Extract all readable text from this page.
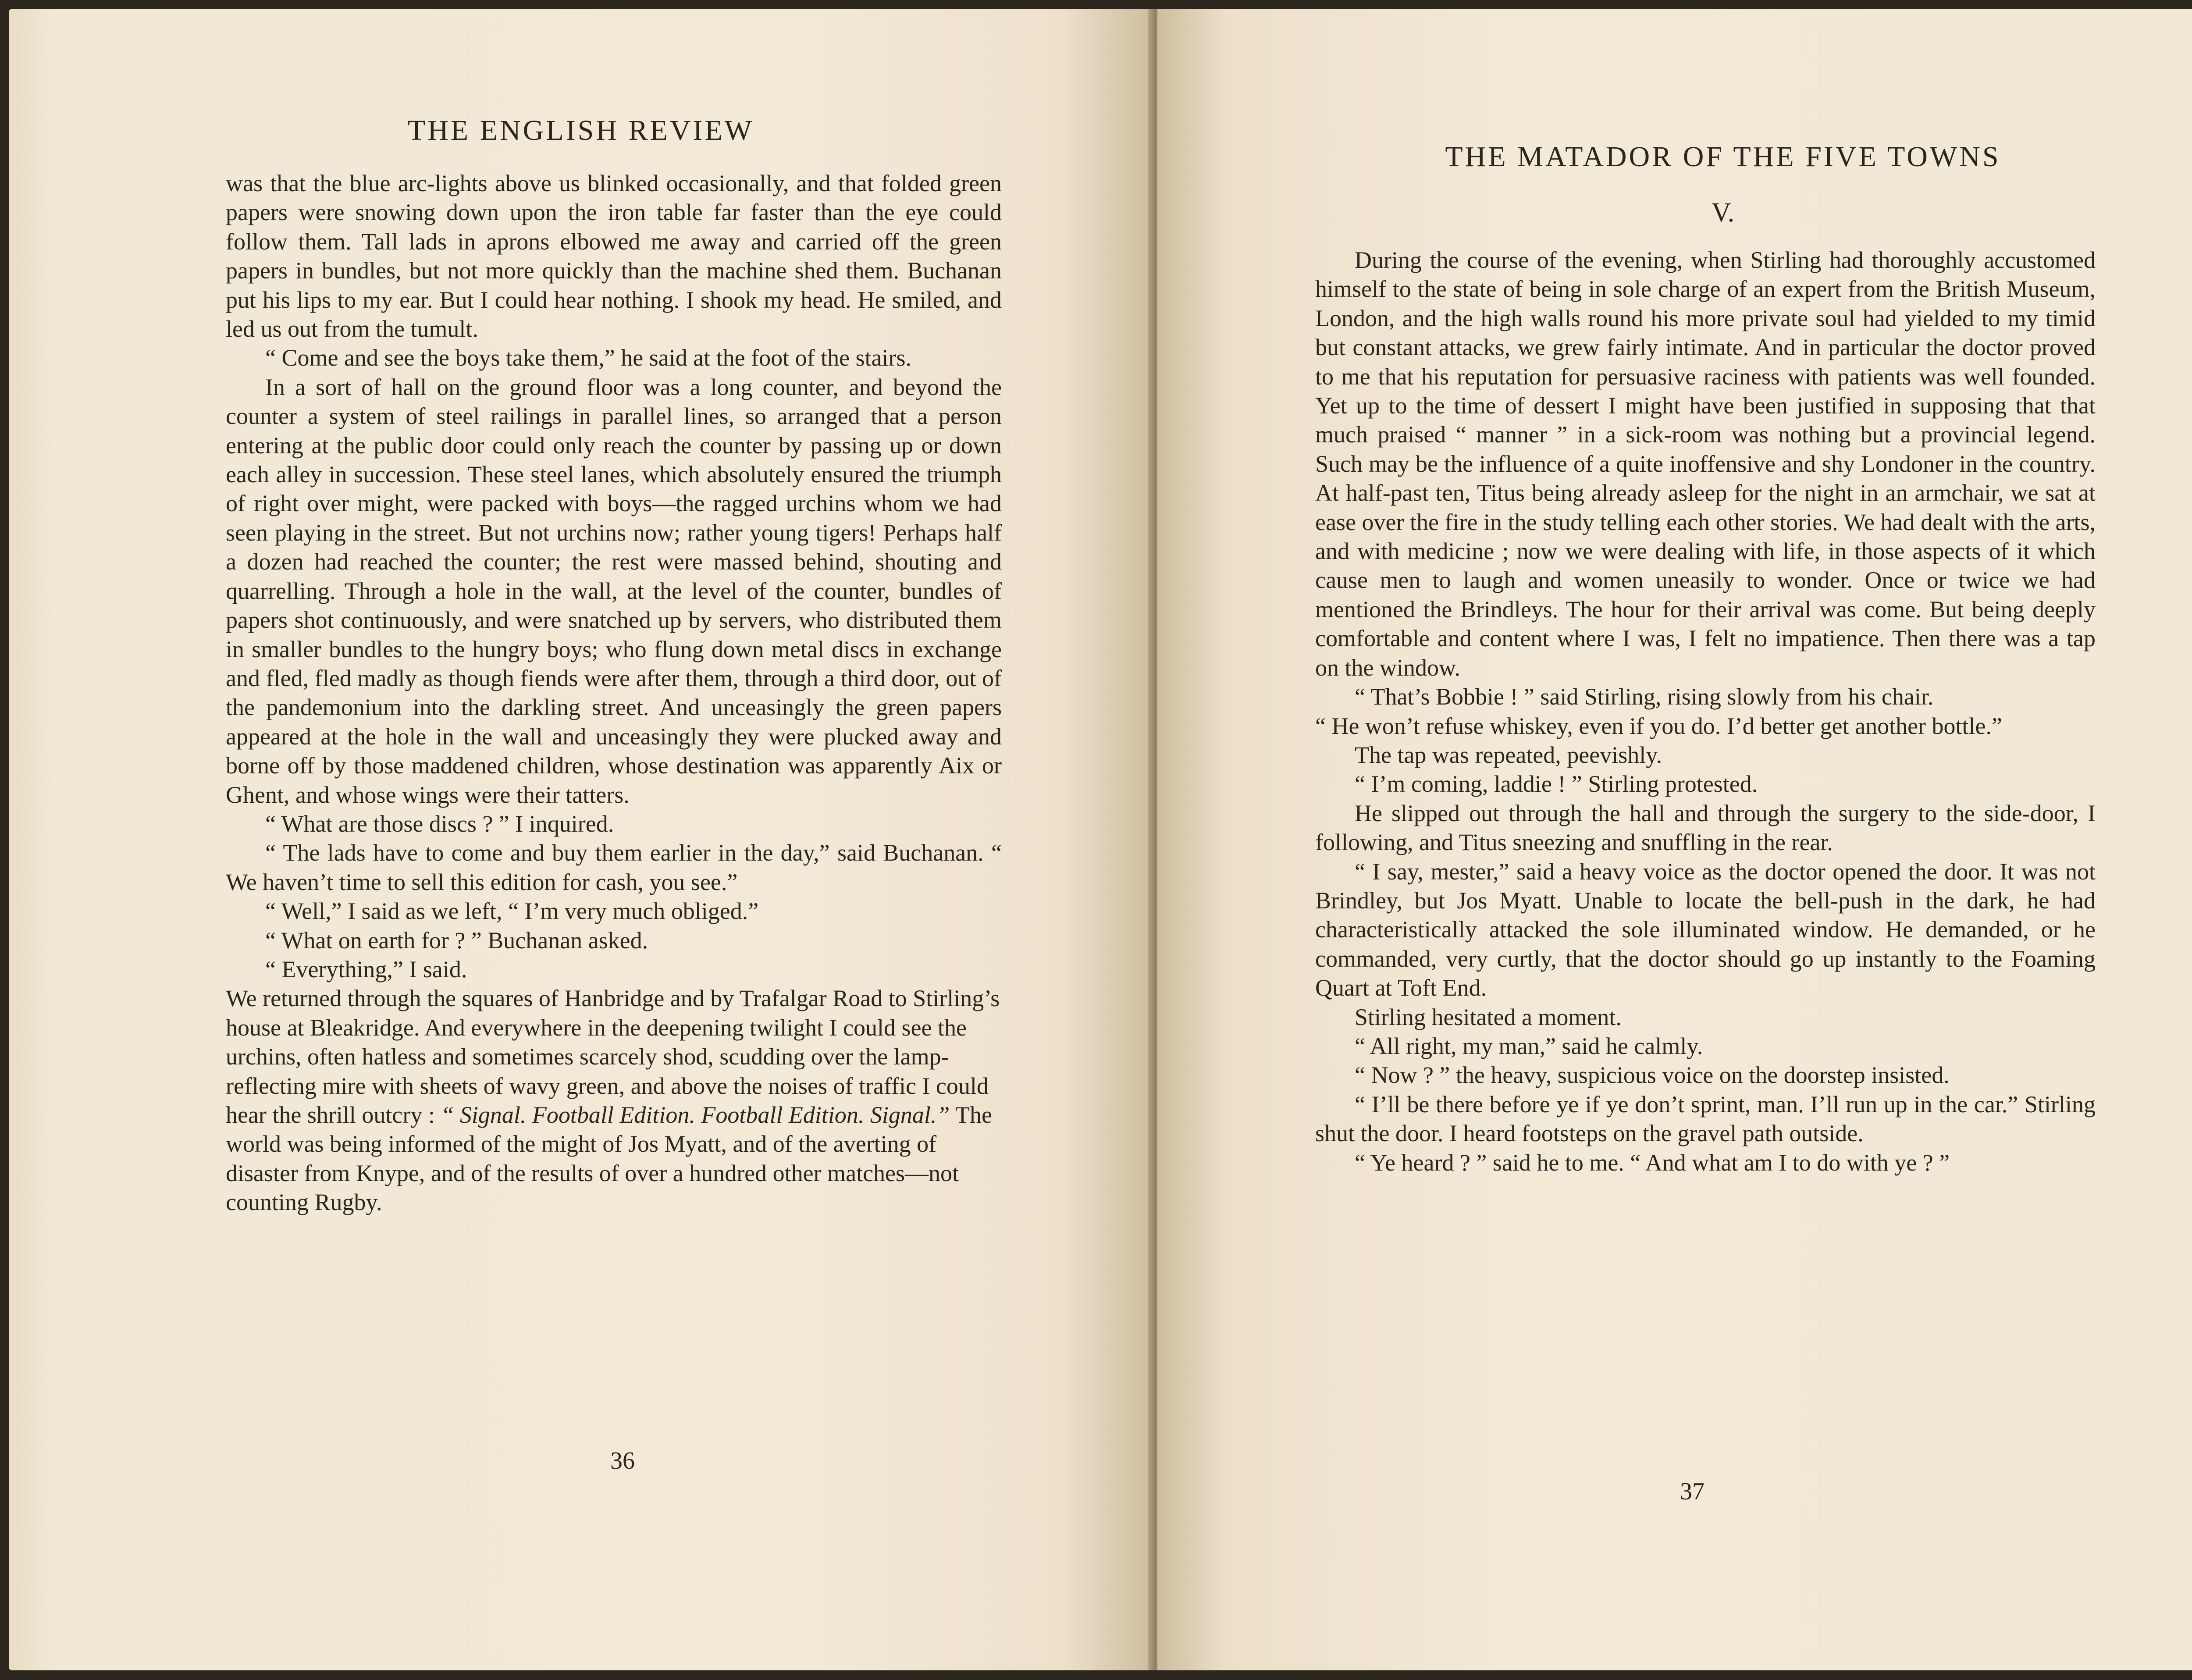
THE ENGLISH REVIEW

was that the blue arc-lights above us blinked occasionally, and that folded green papers were snowing down upon the iron table far faster than the eye could follow them. Tall lads in aprons elbowed me away and carried off the green papers in bundles, but not more quickly than the machine shed them. Buchanan put his lips to my ear. But I could hear nothing. I shook my head. He smiled, and led us out from the tumult.

“ Come and see the boys take them,” he said at the foot of the stairs.

In a sort of hall on the ground floor was a long counter, and beyond the counter a system of steel railings in parallel lines, so arranged that a person entering at the public door could only reach the counter by passing up or down each alley in succession. These steel lanes, which absolutely ensured the triumph of right over might, were packed with boys—the ragged urchins whom we had seen playing in the street. But not urchins now; rather young tigers! Perhaps half a dozen had reached the counter; the rest were massed behind, shouting and quarrelling. Through a hole in the wall, at the level of the counter, bundles of papers shot continuously, and were snatched up by servers, who distributed them in smaller bundles to the hungry boys; who flung down metal discs in exchange and fled, fled madly as though fiends were after them, through a third door, out of the pandemonium into the darkling street. And unceasingly the green papers appeared at the hole in the wall and unceasingly they were plucked away and borne off by those maddened children, whose destination was apparently Aix or Ghent, and whose wings were their tatters.

“ What are those discs ? ” I inquired.

“ The lads have to come and buy them earlier in the day,” said Buchanan. “ We haven’t time to sell this edition for cash, you see.”

“ Well,” I said as we left, “ I’m very much obliged.”

“ What on earth for ? ” Buchanan asked.

“ Everything,” I said.

We returned through the squares of Hanbridge and by Trafalgar Road to Stirling’s house at Bleakridge. And everywhere in the deepening twilight I could see the urchins, often hatless and sometimes scarcely shod, scudding over the lamp-reflecting mire with sheets of wavy green, and above the noises of traffic I could hear the shrill outcry : “ Signal. Football Edition. Football Edition. Signal.” The world was being informed of the might of Jos Myatt, and of the averting of disaster from Knype, and of the results of over a hundred other matches—not counting Rugby.
36
THE MATADOR OF THE FIVE TOWNS
V.

During the course of the evening, when Stirling had thoroughly accustomed himself to the state of being in sole charge of an expert from the British Museum, London, and the high walls round his more private soul had yielded to my timid but constant attacks, we grew fairly intimate. And in particular the doctor proved to me that his reputation for persuasive raciness with patients was well founded. Yet up to the time of dessert I might have been justified in supposing that that much praised “ manner ” in a sick-room was nothing but a provincial legend. Such may be the influence of a quite inoffensive and shy Londoner in the country. At half-past ten, Titus being already asleep for the night in an armchair, we sat at ease over the fire in the study telling each other stories. We had dealt with the arts, and with medicine ; now we were dealing with life, in those aspects of it which cause men to laugh and women uneasily to wonder. Once or twice we had mentioned the Brindleys. The hour for their arrival was come. But being deeply comfortable and content where I was, I felt no impatience. Then there was a tap on the window.

“ That’s Bobbie ! ” said Stirling, rising slowly from his chair.

“ He won’t refuse whiskey, even if you do. I’d better get another bottle.”

The tap was repeated, peevishly.

“ I’m coming, laddie ! ” Stirling protested.

He slipped out through the hall and through the surgery to the side-door, I following, and Titus sneezing and snuffling in the rear.

“ I say, mester,” said a heavy voice as the doctor opened the door. It was not Brindley, but Jos Myatt. Unable to locate the bell-push in the dark, he had characteristically attacked the sole illuminated window. He demanded, or he commanded, very curtly, that the doctor should go up instantly to the Foaming Quart at Toft End.

Stirling hesitated a moment.

“ All right, my man,” said he calmly.

“ Now ? ” the heavy, suspicious voice on the doorstep insisted.

“ I’ll be there before ye if ye don’t sprint, man. I’ll run up in the car.” Stirling shut the door. I heard footsteps on the gravel path outside.

“ Ye heard ? ” said he to me. “ And what am I to do with ye ? ”

37
